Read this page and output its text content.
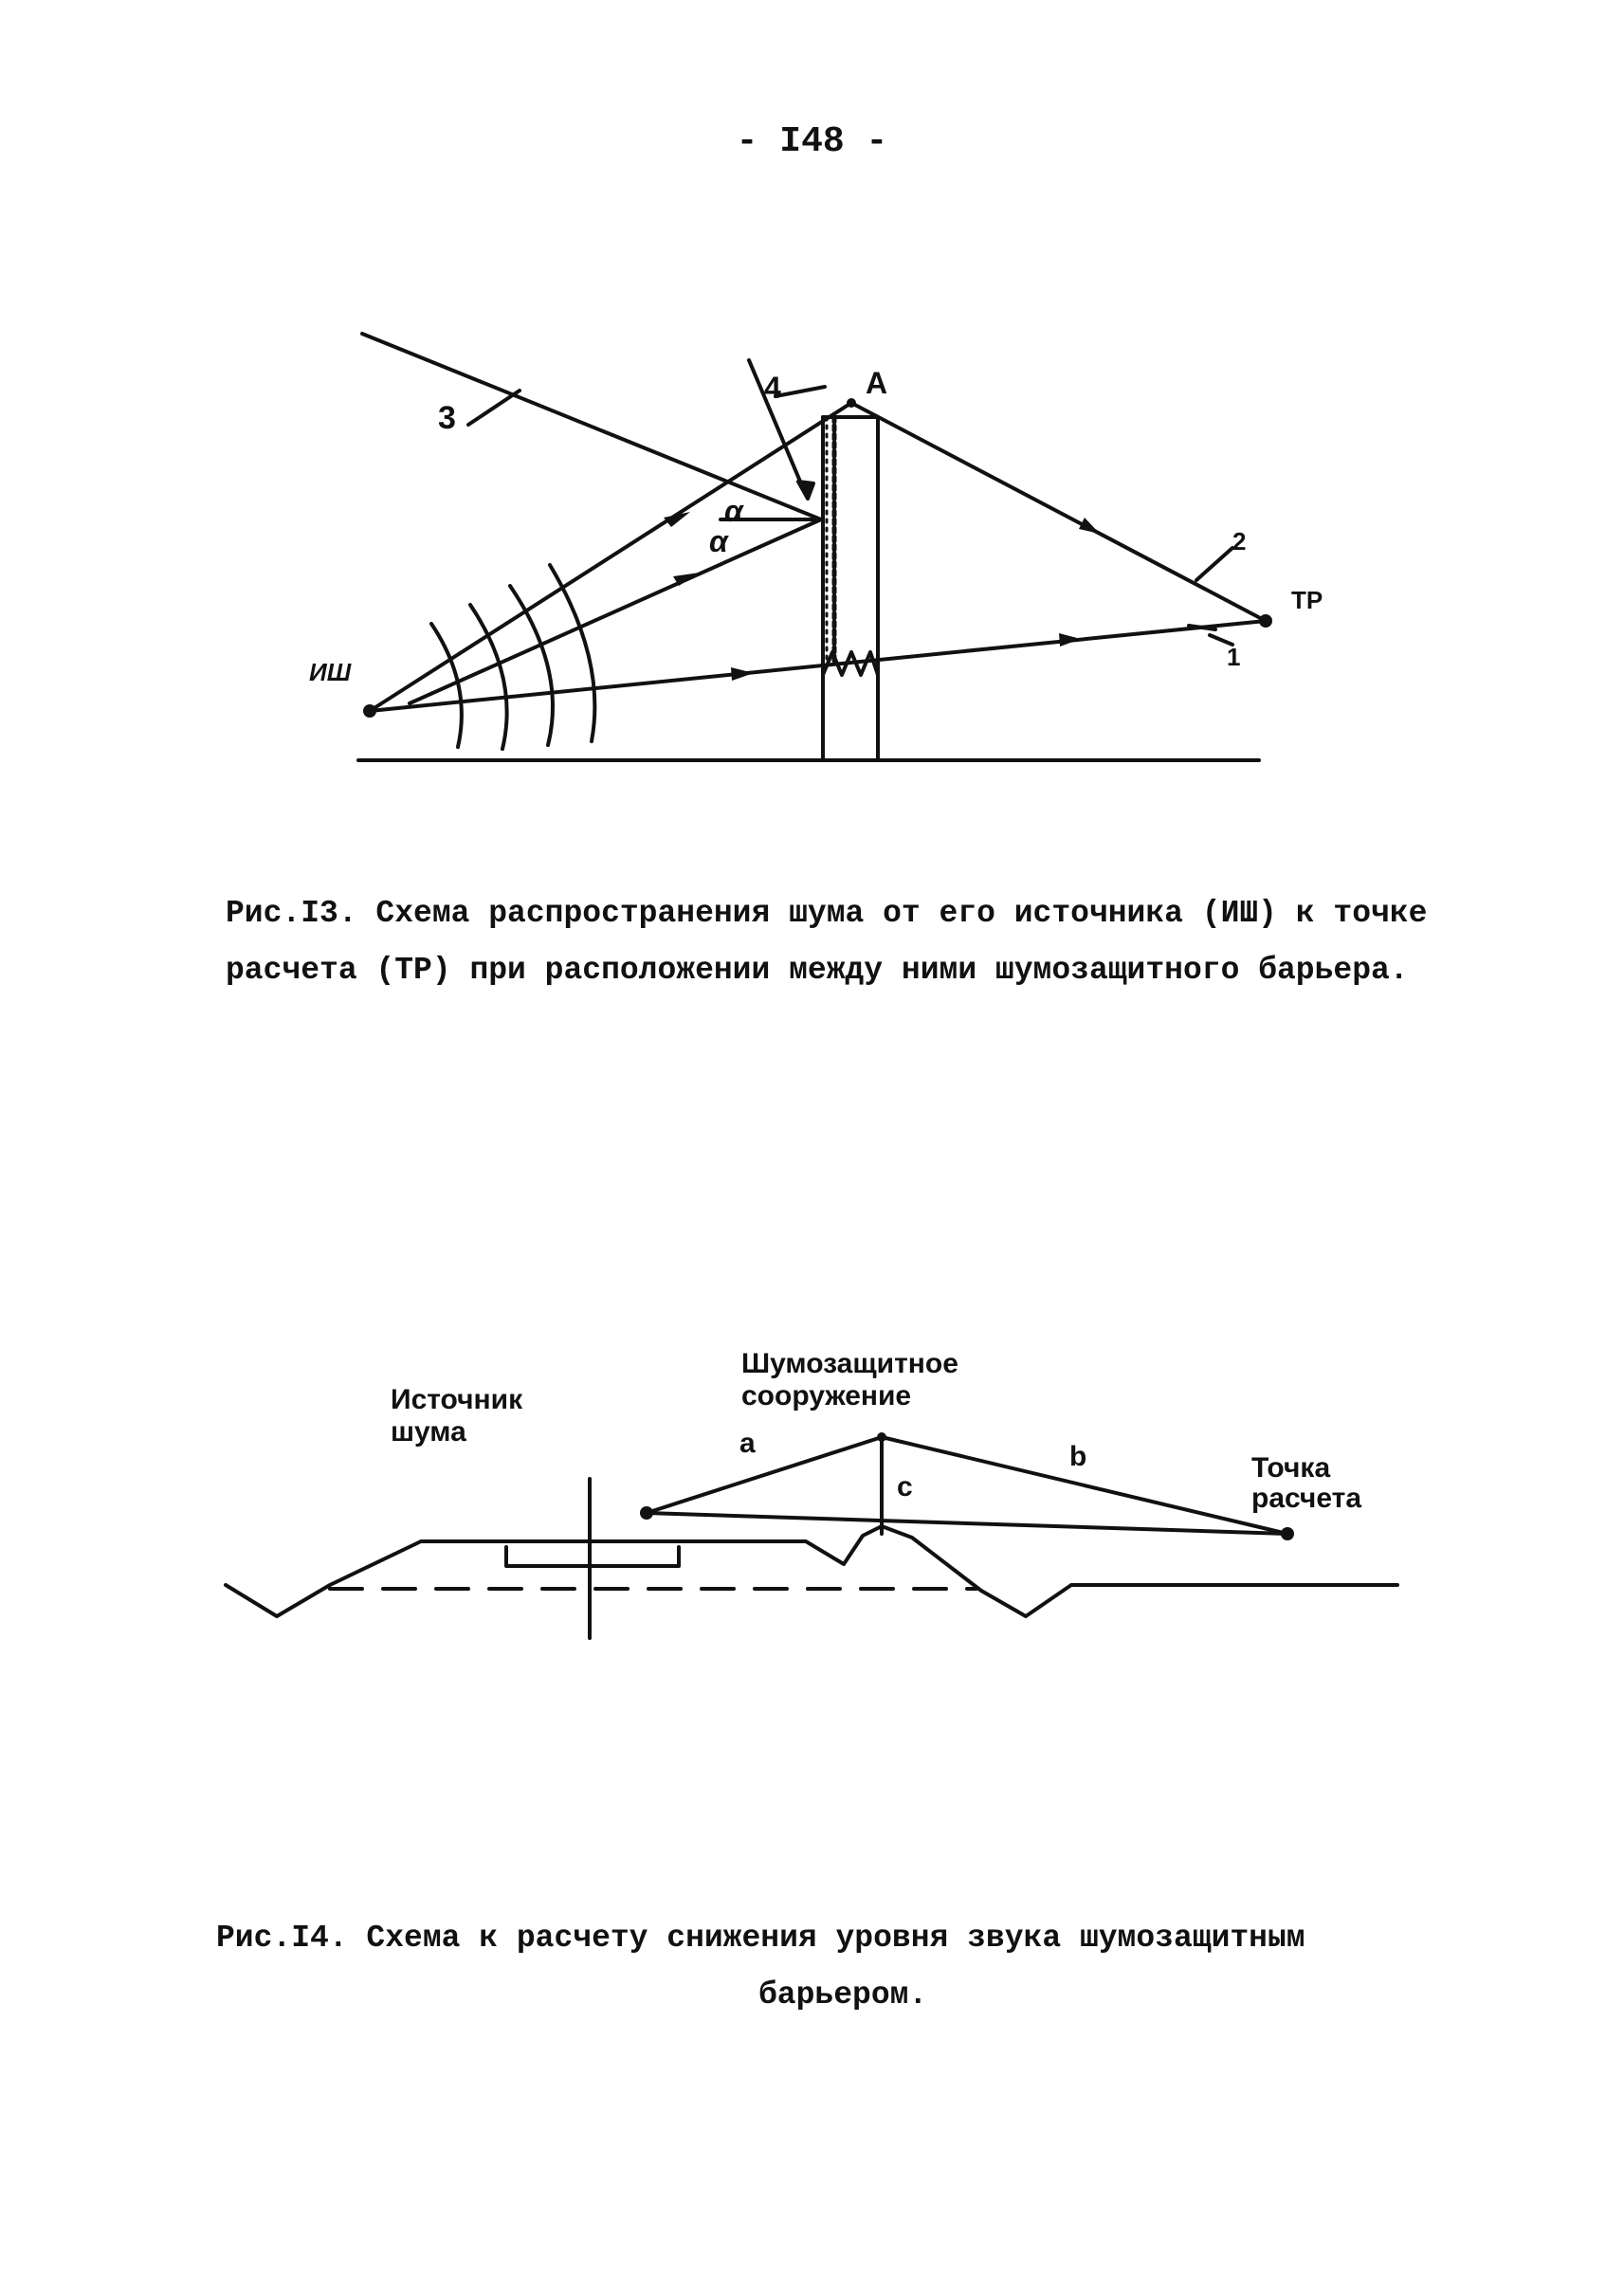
- I48 -
A
4
3
2
1
α
α
ИШ
ТР
Рис.I3. Схема распространения шума от его источника (ИШ) к точке расчета (ТР) при расположении между ними шумозащитного барьера.
Шумозащитное
сооружение
Источник
шума	a	b
c
Точка
расчета
Рис.I4. Схема к расчету снижения уровня звука шумозащитным
барьером.
